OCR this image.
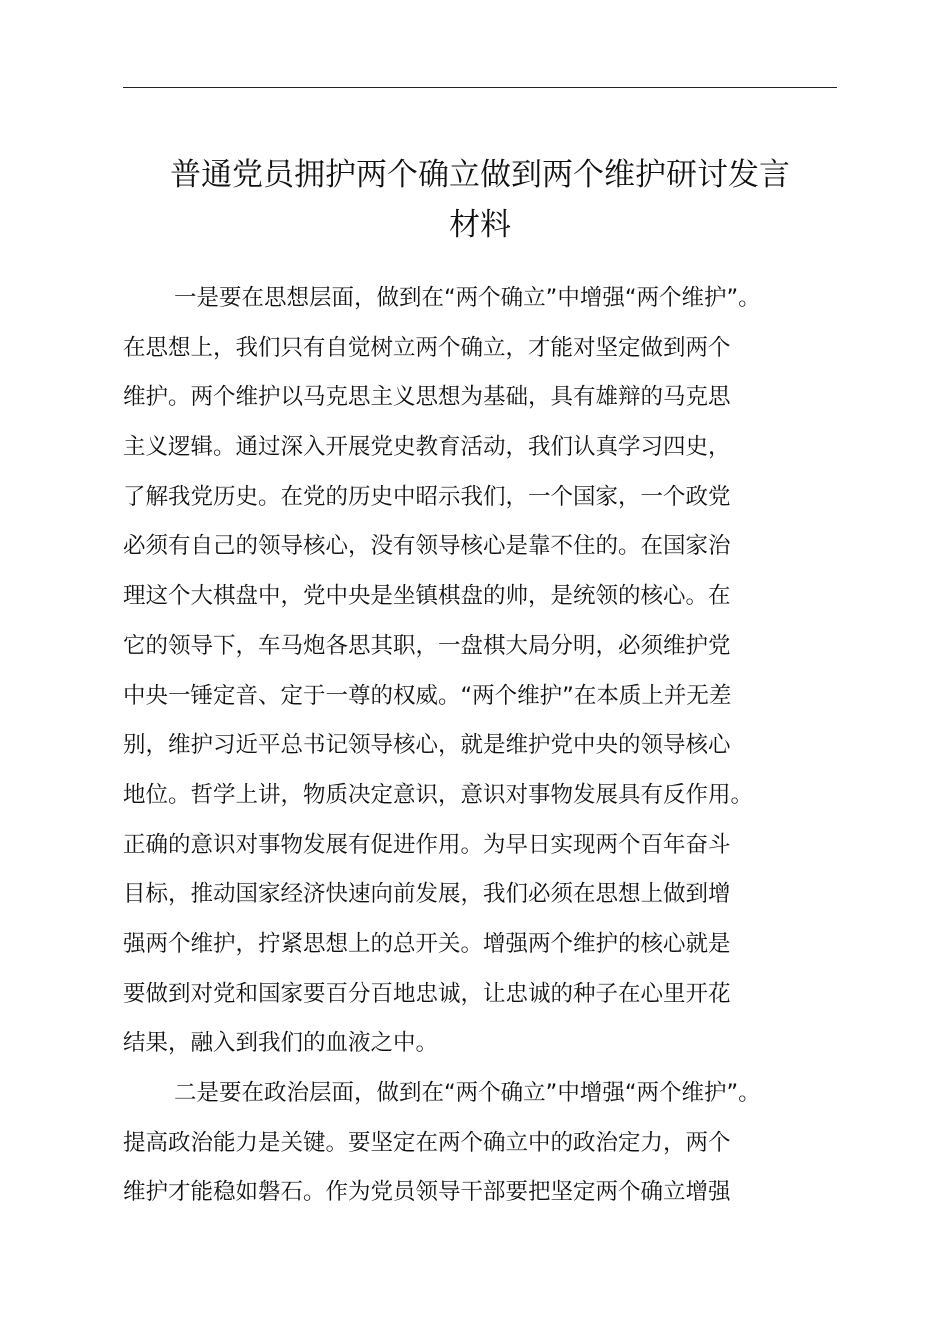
普通党员拥护两个确立做到两个维护研讨发言
材料
一是要在思想层面，做到在“两个确立”中增强“两个维护”。
在思想上，我们只有自觉树立两个确立，才能对坚定做到两个
维护。两个维护以马克思主义思想为基础，具有雄辩的马克思
主义逻辑。通过深入开展党史教育活动，我们认真学习四史，
了解我党历史。在党的历史中昭示我们，一个国家，一个政党
必须有自己的领导核心，没有领导核心是靠不住的。在国家治
理这个大棋盘中，党中央是坐镇棋盘的帅，是统领的核心。在
它的领导下，车马炮各思其职，一盘棋大局分明，必须维护党
中央一锤定音、定于一尊的权威。“两个维护”在本质上并无差
别，维护习近平总书记领导核心，就是维护党中央的领导核心
地位。哲学上讲，物质决定意识，意识对事物发展具有反作用。
正确的意识对事物发展有促进作用。为早日实现两个百年奋斗
目标，推动国家经济快速向前发展，我们必须在思想上做到增
强两个维护，拧紧思想上的总开关。增强两个维护的核心就是
要做到对党和国家要百分百地忠诚，让忠诚的种子在心里开花
结果，融入到我们的血液之中。
二是要在政治层面，做到在“两个确立”中增强“两个维护”。
提高政治能力是关键。要坚定在两个确立中的政治定力，两个
维护才能稳如磐石。作为党员领导干部要把坚定两个确立增强
